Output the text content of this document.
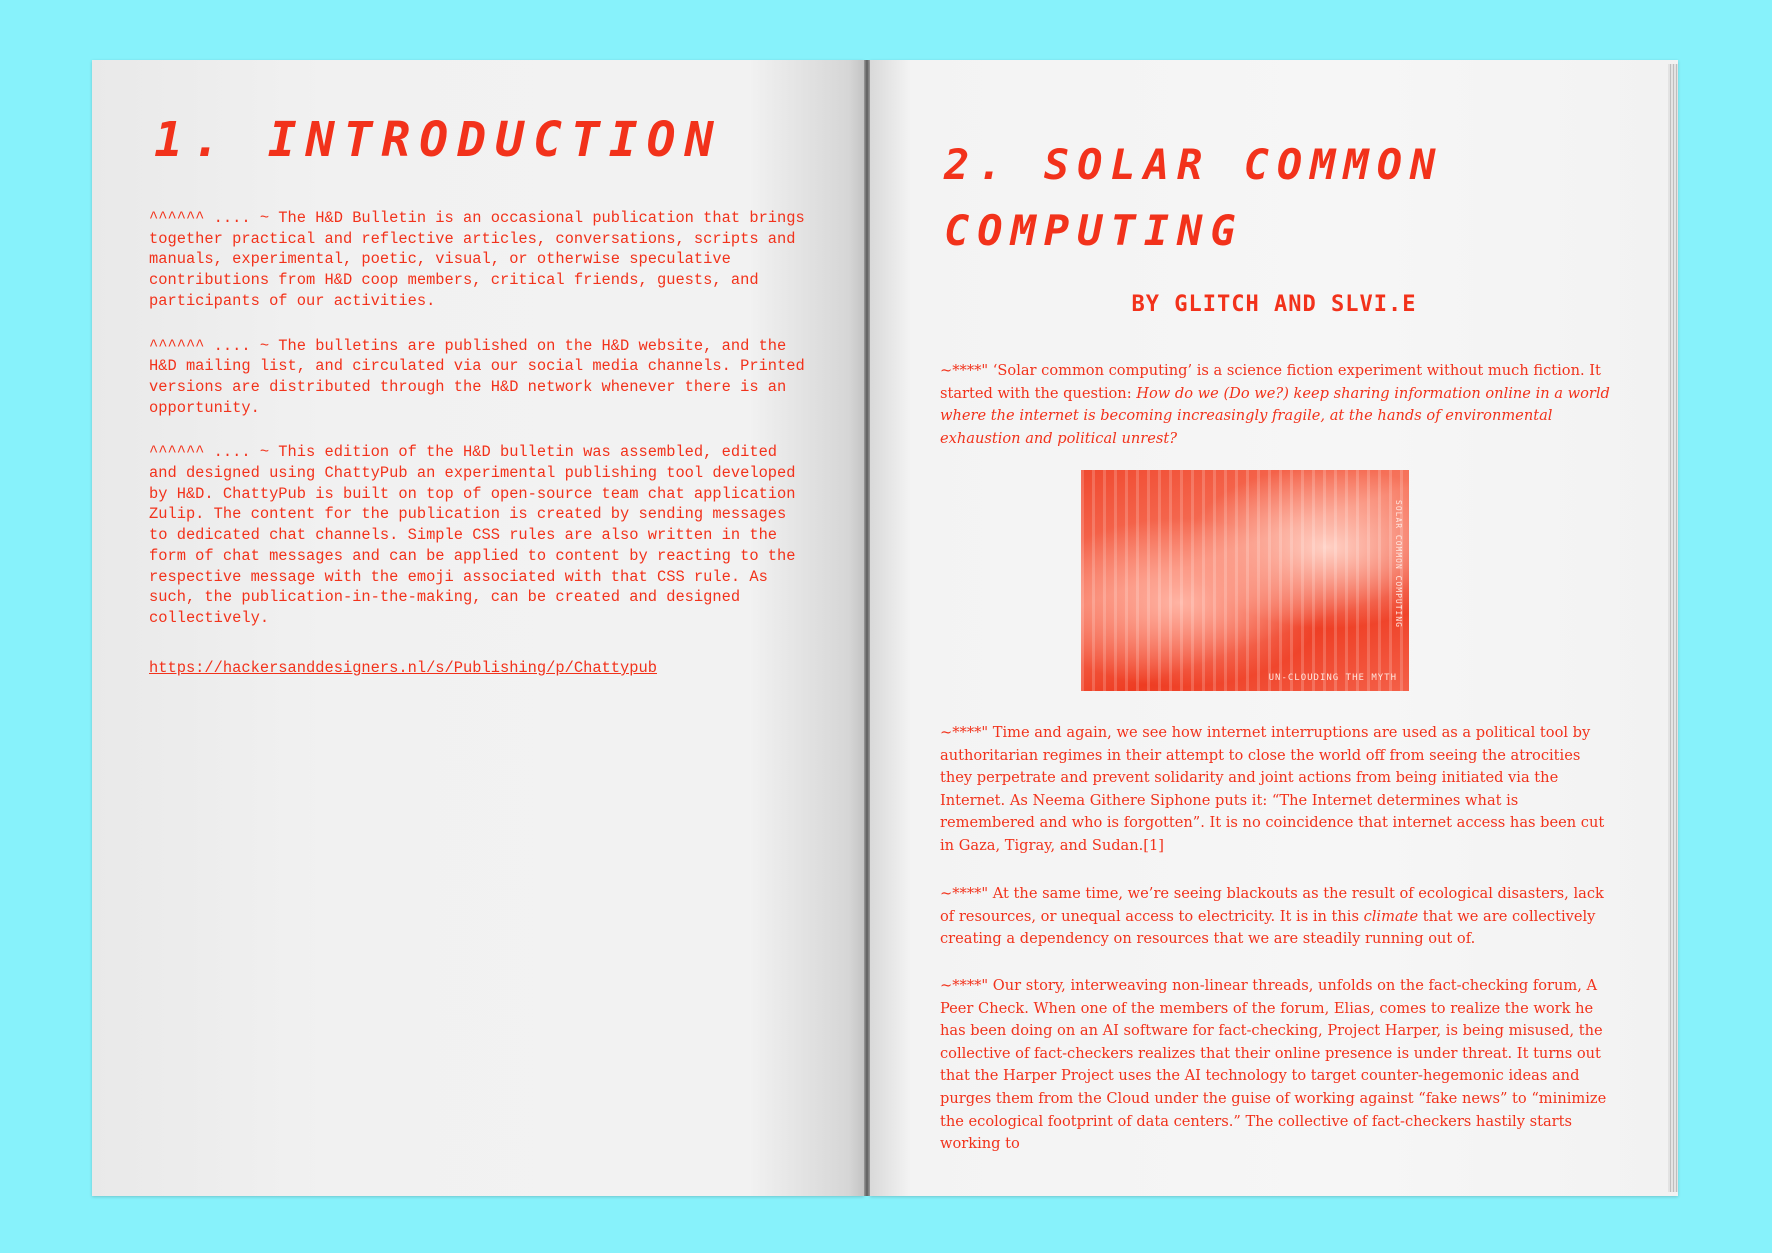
1. INTRODUCTION

^^^^^^ .... ~ The H&D Bulletin is an occasional publication that brings together practical and reflective articles, conversations, scripts and manuals, experimental, poetic, visual, or otherwise speculative contributions from H&D coop members, critical friends, guests, and participants of our activities.

^^^^^^ .... ~ The bulletins are published on the H&D website, and the H&D mailing list, and circulated via our social media channels. Printed versions are distributed through the H&D network whenever there is an opportunity.

^^^^^^ .... ~ This edition of the H&D bulletin was assembled, edited and designed using ChattyPub an experimental publishing tool developed by H&D. ChattyPub is built on top of open-source team chat application Zulip. The content for the publication is created by sending messages to dedicated chat channels. Simple CSS rules are also written in the form of chat messages and can be applied to content by reacting to the respective message with the emoji associated with that CSS rule. As such, the publication-in-the-making, can be created and designed collectively.

https://hackersanddesigners.nl/s/Publishing/p/Chattypub
2. SOLAR COMMON COMPUTING
BY GLITCH AND SLVI.E

~****" ‘Solar common computing’ is a science fiction experiment without much fiction. It started with the question: How do we (Do we?) keep sharing information online in a world where the internet is becoming increasingly fragile, at the hands of environmental exhaustion and political unrest?

SOLAR COMMON COMPUTING
UN-CLOUDING THE MYTH

~****" Time and again, we see how internet interruptions are used as a political tool by authoritarian regimes in their attempt to close the world off from seeing the atrocities they perpetrate and prevent solidarity and joint actions from being initiated via the Internet. As Neema Githere Siphone puts it: “The Internet determines what is remembered and who is forgotten”. It is no coincidence that internet access has been cut in Gaza, Tigray, and Sudan.[1]

~****" At the same time, we’re seeing blackouts as the result of ecological disasters, lack of resources, or unequal access to electricity. It is in this climate that we are collectively creating a dependency on resources that we are steadily running out of.

~****" Our story, interweaving non-linear threads, unfolds on the fact-checking forum, A Peer Check. When one of the members of the forum, Elias, comes to realize the work he has been doing on an AI software for fact-checking, Project Harper, is being misused, the collective of fact-checkers realizes that their online presence is under threat. It turns out that the Harper Project uses the AI technology to target counter-hegemonic ideas and purges them from the Cloud under the guise of working against “fake news” to “minimize the ecological footprint of data centers.” The collective of fact-checkers hastily starts working to
